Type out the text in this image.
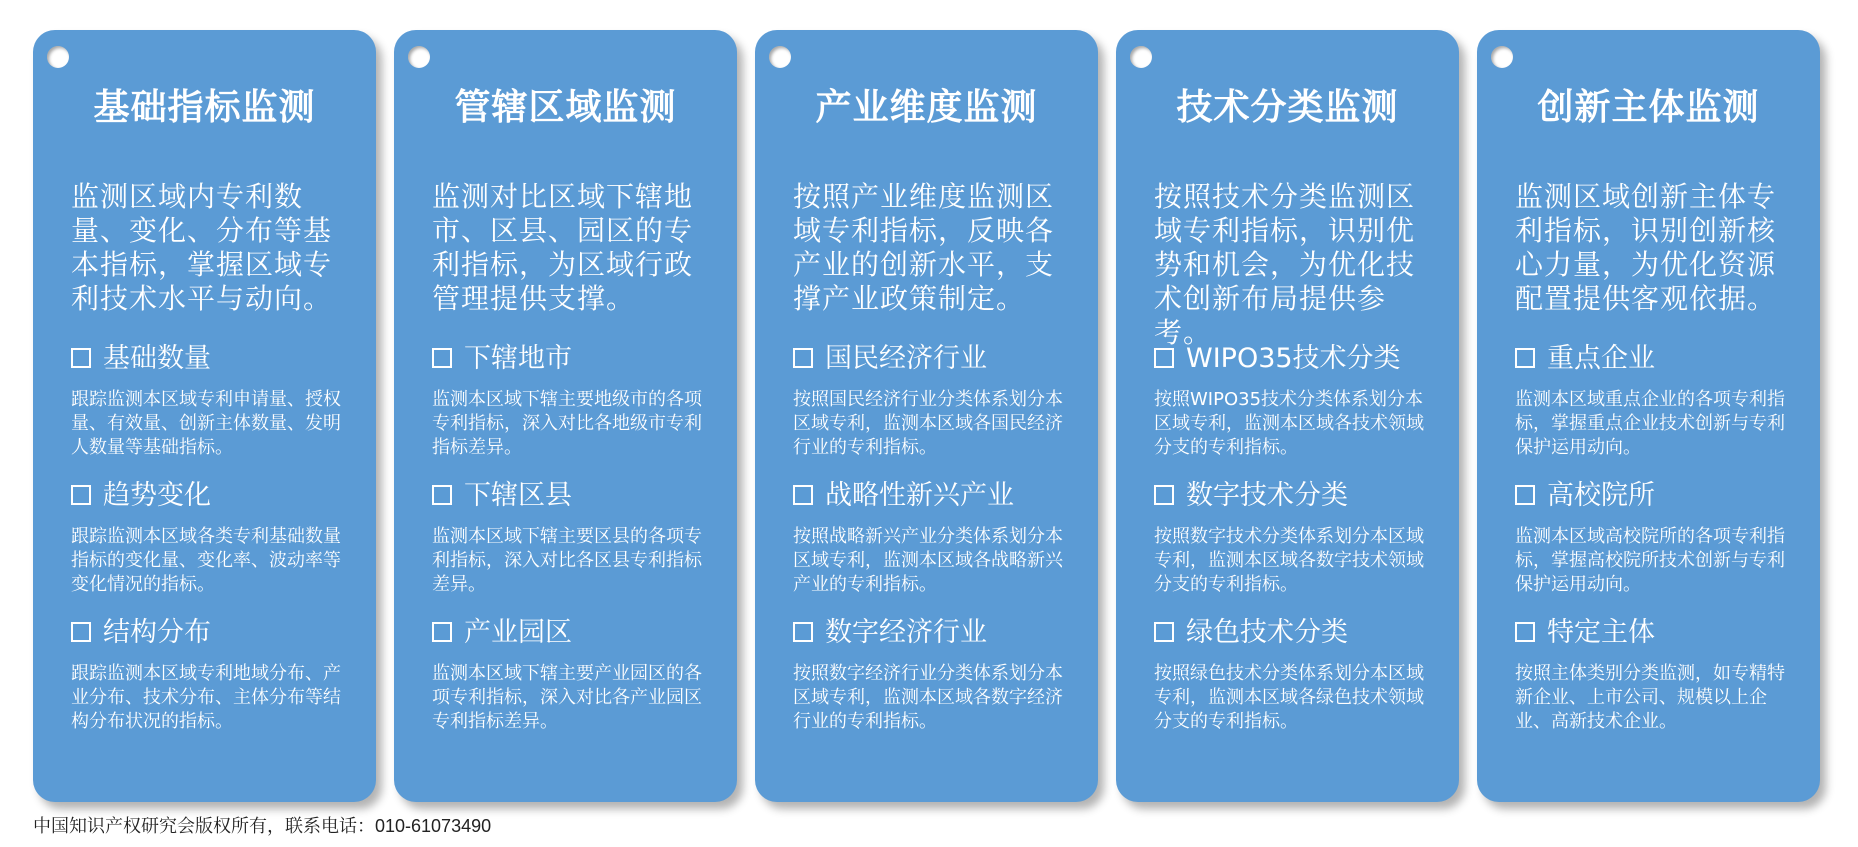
基础指标监测
监测区域内专利数量、变化、分布等基本指标，掌握区域专利技术水平与动向。
基础数量
跟踪监测本区域专利申请量、授权量、有效量、创新主体数量、发明人数量等基础指标。
趋势变化
跟踪监测本区域各类专利基础数量指标的变化量、变化率、波动率等变化情况的指标。
结构分布
跟踪监测本区域专利地域分布、产业分布、技术分布、主体分布等结构分布状况的指标。
管辖区域监测
监测对比区域下辖地市、区县、园区的专利指标，为区域行政管理提供支撑。
下辖地市
监测本区域下辖主要地级市的各项专利指标，深入对比各地级市专利指标差异。
下辖区县
监测本区域下辖主要区县的各项专利指标，深入对比各区县专利指标差异。
产业园区
监测本区域下辖主要产业园区的各项专利指标，深入对比各产业园区专利指标差异。
产业维度监测
按照产业维度监测区域专利指标，反映各产业的创新水平，支撑产业政策制定。
国民经济行业
按照国民经济行业分类体系划分本区域专利，监测本区域各国民经济行业的专利指标。
战略性新兴产业
按照战略新兴产业分类体系划分本区域专利，监测本区域各战略新兴产业的专利指标。
数字经济行业
按照数字经济行业分类体系划分本区域专利，监测本区域各数字经济行业的专利指标。
技术分类监测
按照技术分类监测区域专利指标，识别优势和机会，为优化技术创新布局提供参考。
WIPO35技术分类
按照WIPO35技术分类体系划分本区域专利，监测本区域各技术领域分支的专利指标。
数字技术分类
按照数字技术分类体系划分本区域专利，监测本区域各数字技术领域分支的专利指标。
绿色技术分类
按照绿色技术分类体系划分本区域专利，监测本区域各绿色技术领域分支的专利指标。
创新主体监测
监测区域创新主体专利指标，识别创新核心力量，为优化资源配置提供客观依据。
重点企业
监测本区域重点企业的各项专利指标，掌握重点企业技术创新与专利保护运用动向。
高校院所
监测本区域高校院所的各项专利指标，掌握高校院所技术创新与专利保护运用动向。
特定主体
按照主体类别分类监测，如专精特新企业、上市公司、规模以上企业、高新技术企业。
中国知识产权研究会版权所有，联系电话：010-61073490
